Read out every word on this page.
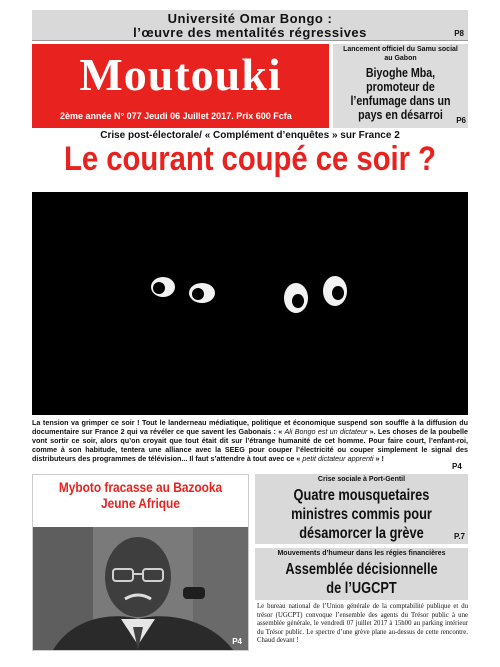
Université Omar Bongo :
l’œuvre des mentalités régressives	P8
Moutouki
2ème année N° 077 Jeudi 06 Juillet 2017. Prix 600 Fcfa
Lancement officiel du Samu social
au Gabon
Biyoghe Mba, promoteur de l’enfumage dans un pays en désarroi	P6
Crise post-électorale/ « Complément d’enquêtes » sur France 2
Le courant coupé ce soir ?
La tension va grimper ce soir ! Tout le landerneau médiatique, politique et économique suspend son souffle à la diffusion du documentaire sur France 2 qui va révéler ce que savent les Gabonais : « Ali Bongo est un dictateur ». Les choses de la poubelle vont sortir ce soir, alors qu’on croyait que tout était dit sur l’étrange humanité de cet homme. Pour faire court, l’enfant-roi, comme à son habitude, tentera une alliance avec la SEEG pour couper l’électricité ou couper simplement le signal des distributeurs des programmes de télévision... Il faut s’attendre à tout avec ce « petit dictateur apprenti » !
P4
Myboto fracasse au Bazooka
Jeune Afrique
P4
Crise sociale à Port-Gentil
Quatre mousquetaires ministres commis pour désamorcer la grève	P.7
Mouvements d’humeur dans les régies financières
Assemblée décisionnelle
de l’UGCPT
Le bureau national de l’Union générale de la comptabilité publique et du trésor (UGCPT) convoque l’ensemble des agents du Trésor public à une assemblée générale, le vendredi 07 juillet 2017 à 15h00 au parking intérieur du Trésor public. Le spectre d’une grève plane au-dessus de cette rencontre. Chaud devant !
